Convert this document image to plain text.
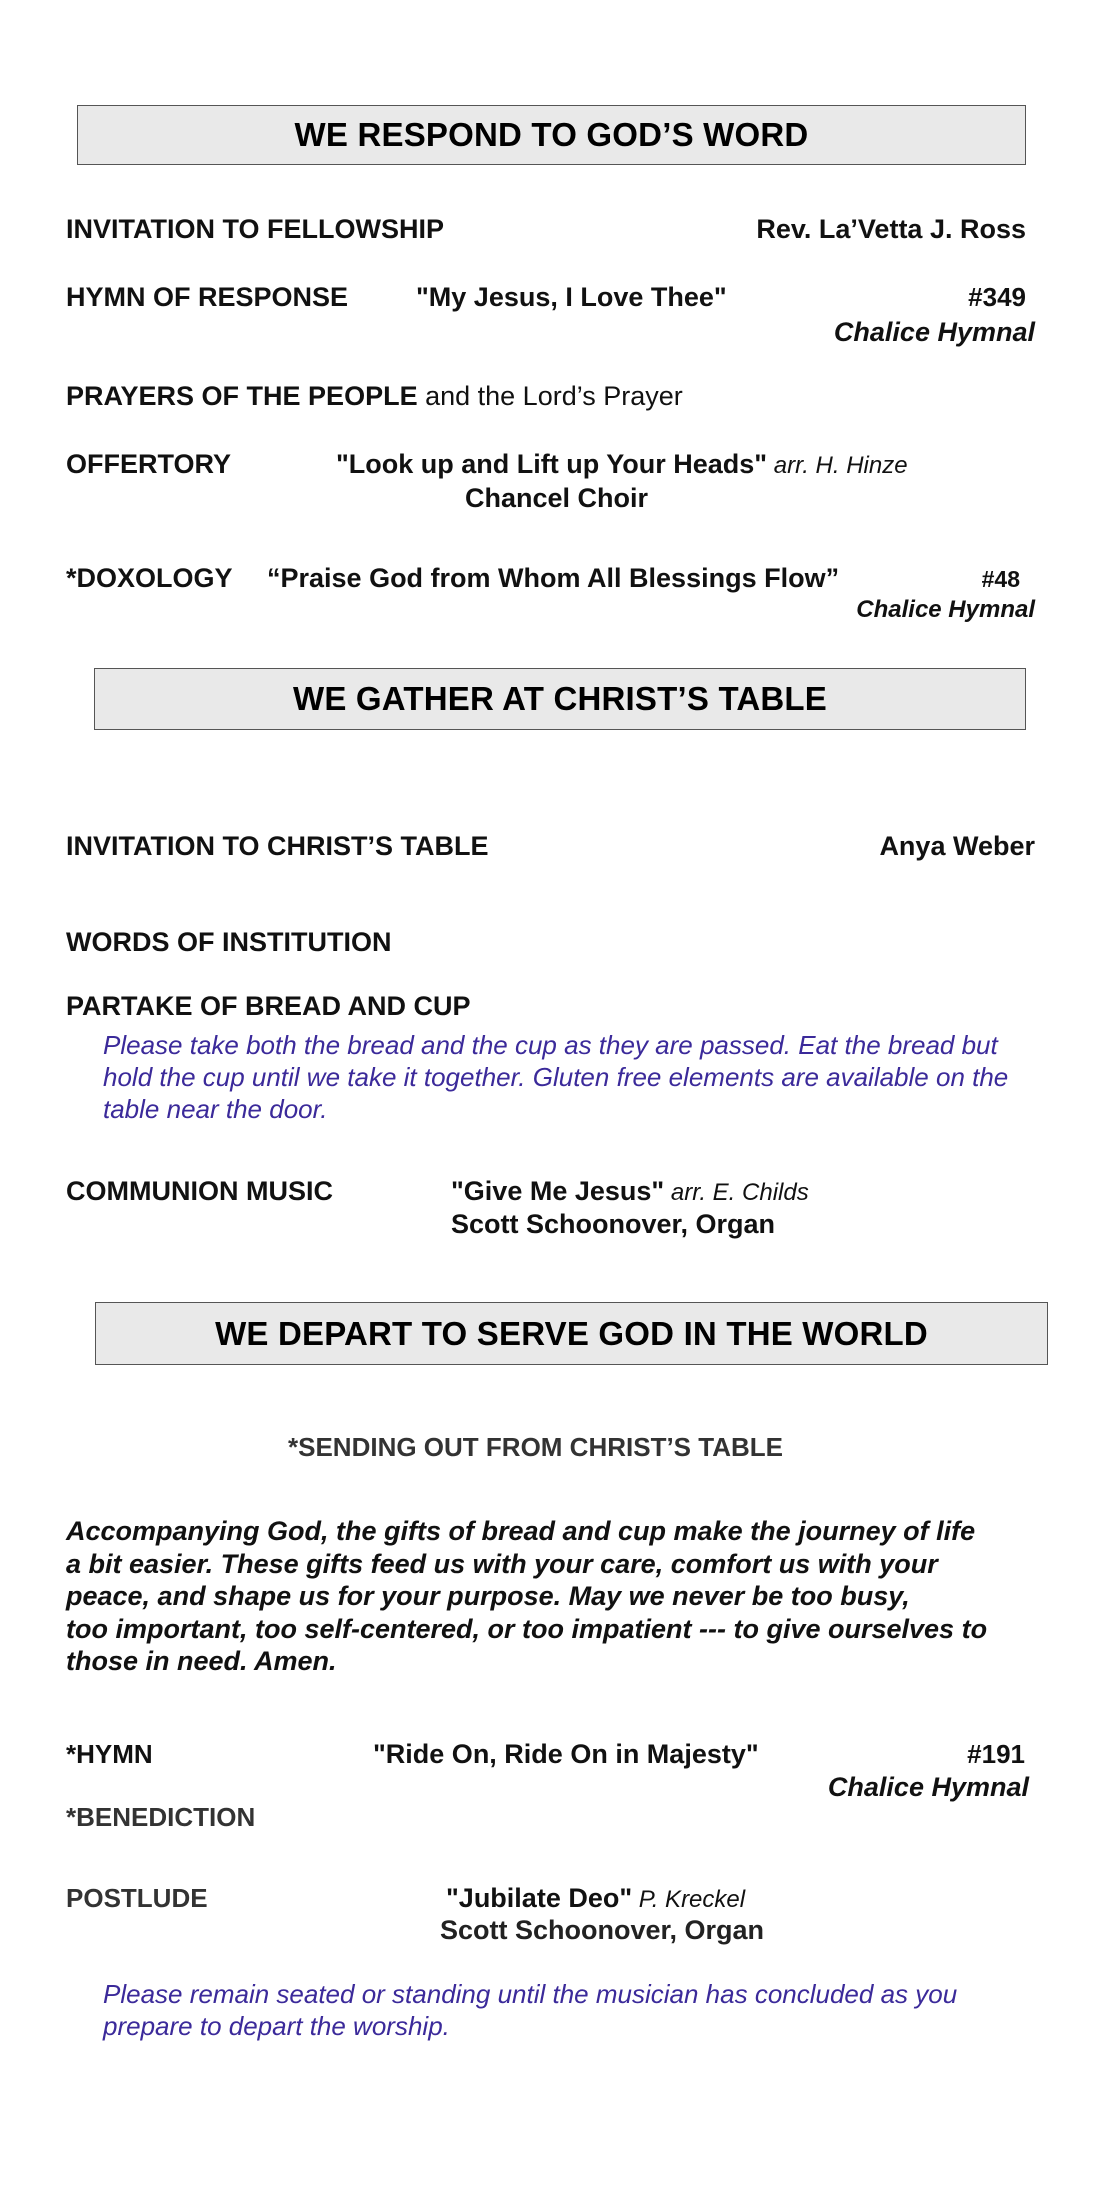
WE RESPOND TO GOD’S WORD
INVITATION TO FELLOWSHIP	Rev. La’Vetta J. Ross
HYMN OF RESPONSE	"My Jesus, I Love Thee"	#349
Chalice Hymnal
PRAYERS OF THE PEOPLE and the Lord’s Prayer
OFFERTORY	"Look up and Lift up Your Heads" arr. H. Hinze
Chancel Choir
*DOXOLOGY “Praise God from Whom All Blessings Flow”	#48
Chalice Hymnal
WE GATHER AT CHRIST’S TABLE
INVITATION TO CHRIST’S TABLE	Anya Weber
WORDS OF INSTITUTION
PARTAKE OF BREAD AND CUP
Please take both the bread and the cup as they are passed. Eat the bread but hold the cup until we take it together. Gluten free elements are available on the table near the door.
COMMUNION MUSIC	"Give Me Jesus" arr. E. Childs
Scott Schoonover, Organ
WE DEPART TO SERVE GOD IN THE WORLD
*SENDING OUT FROM CHRIST’S TABLE
Accompanying God, the gifts of bread and cup make the journey of life
a bit easier. These gifts feed us with your care, comfort us with your
peace, and shape us for your purpose. May we never be too busy,
too important, too self-centered, or too impatient --- to give ourselves to
those in need. Amen.
*HYMN	"Ride On, Ride On in Majesty"	#191
Chalice Hymnal
*BENEDICTION
POSTLUDE	"Jubilate Deo" P. Kreckel
Scott Schoonover, Organ
Please remain seated or standing until the musician has concluded as you prepare to depart the worship.
